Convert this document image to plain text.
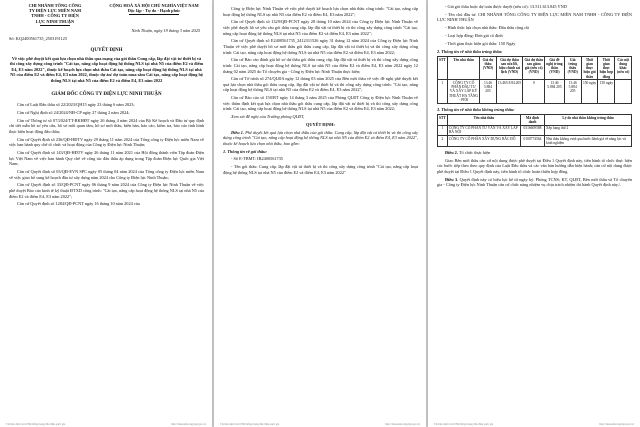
CHI NHÁNH TỔNG CÔNG
TY ĐIỆN LỰC MIỀN NAM
TNHH - CÔNG TY ĐIỆN
LỰC NINH THUẬN
CỘNG HOÀ XÃ HỘI CHỦ NGHĨA VIỆT NAM
Độc lập - Tự do - Hạnh phúc
Ninh Thuận, ngày 19 tháng 3 năm 2025

Số: KQ2400561735_2503191125

QUYẾT ĐỊNH
Về việc phê duyệt kết quả lựa chọn nhà thầu qua mạng của gói thầu Cung cấp, lắp đặt vật tư thiết bị và thi công xây dựng công trình "Cải tạo, nâng cấp hoạt động hệ thống NLS tại nhà N5 của điểm E2 và điểm E4, E3 năm 2022", thuộc kế hoạch lựa chọn nhà thầu Cải tạo, nâng cấp hoạt động hệ thống NLS tại nhà N5 của điểm E2 và điểm E4, E3 năm 2022, thuộc dự án/ dự toán mua sắm Cải tạo, nâng cấp hoạt động hệ thống NLS tại nhà N5 của điểm E2 và điểm E4, E3 năm 2022
GIÁM ĐỐC CÔNG TY ĐIỆN LỰC NINH THUẬN

Căn cứ Luật Đấu thầu số 22/2023/QH15 ngày 23 tháng 6 năm 2023;

Căn cứ Nghị định số 24/2024/NĐ-CP ngày 27 tháng 2 năm 2024;

Căn cứ Thông tư số 07/2024/TT-BKHĐT ngày 26 tháng 4 năm 2024 của Bộ Kế hoạch và Đầu tư quy định chi tiết mẫu hồ sơ yêu cầu, hồ sơ mời quan tâm, hồ sơ mời thầu, biên bản, báo cáo, kiểm tra, báo cáo tình hình thực hiện hoạt động đấu thầu;

Căn cứ Quyết định số 236/QĐ-HĐTV ngày 29 tháng 11 năm 2024 của Tổng công ty Điện lực miền Nam về việc ban hành quy chế tổ chức và hoạt động của Công ty Điện lực Ninh Thuận;

Căn cứ Quyết định số 143/QĐ-HĐTV ngày 26 tháng 11 năm 2021 của Hội đồng thành viên Tập đoàn Điện lực Việt Nam về việc ban hành Quy chế về công tác đấu thầu áp dụng trong Tập đoàn Điện lực Quốc gia Việt Nam;

Căn cứ Quyết định số 03/QĐ-EVN SPC ngày 05 tháng 04 năm 2024 của Tổng công ty Điện lực miền Nam về việc giao bổ sung kế hoạch đầu tư xây dựng năm 2024 cho Công ty Điện lực Ninh Thuận;

Căn cứ Quyết định số 33/QĐ-PCNT ngày 06 tháng 9 năm 2024 của Công ty Điện lực Ninh Thuận về việc phê duyệt Báo cáo kinh tế kỹ thuật ĐTXD công trình: "Cải tạo, nâng cấp hoạt động hệ thống NLS tại nhà N5 của điểm E2 và điểm E4, E3 năm 2022";

Căn cứ Quyết định số 1284/QĐ-PCNT ngày 16 tháng 10 năm 2024 của

Tài liệu được in từ Hệ thống mạng đấu thầu quốc gia	http://muasamcong.mpi.gov.vn

Công ty Điện lực Ninh Thuận về việc phê duyệt kế hoạch lựa chọn nhà thầu công trình: "Cải tạo, nâng cấp hoạt động hệ thống NLS tại nhà N5 của điểm E2 và điểm E4, E3 năm 2022";

Căn cứ Quyết định số 1329/QĐ-PCNT ngày 28 tháng 10 năm 2024 của Công ty Điện lực Ninh Thuận về việc phê duyệt hồ sơ yêu cầu gói thầu cung cấp, lắp đặt vật tư thiết bị và thi công xây dựng công trình "Cải tạo, nâng cấp hoạt động hệ thống NLS tại nhà N5 của điểm E2 và điểm E4, E3 năm 2022";

Căn cứ Quyết định số E2400561735_2412311526 ngày 31 tháng 12 năm 2024 của Công ty Điện lực Ninh Thuận về việc phê duyệt hồ sơ mời thầu gói thầu cung cấp, lắp đặt vật tư thiết bị và thi công xây dựng công trình: Cải tạo, nâng cấp hoạt động hệ thống NLS tại nhà N5 của điểm E2 và điểm E4, E3 năm 2022;

Căn cứ Báo cáo đánh giá hồ sơ dự thầu gói thầu cung cấp, lắp đặt vật tư thiết bị và thi công xây dựng công trình: Cải tạo, nâng cấp hoạt động hệ thống NLS tại nhà N5 của điểm E2 và điểm E4, E3 năm 2022 ngày 12 tháng 02 năm 2025 do Tổ chuyên gia - Công ty Điện lực Ninh Thuận thực hiện;

Căn cứ Tờ trình số 274/QLĐA ngày 12 tháng 03 năm 2025 của Bên mời thầu về việc đề nghị phê duyệt kết quả lựa chọn nhà thầu gói thầu cung cấp, lắp đặt vật tư thiết bị và thi công xây dựng công trình: "Cải tạo, nâng cấp hoạt động hệ thống NLS tại nhà N5 của điểm E2 và điểm E4, E3 năm 2022";

Căn cứ Báo cáo số 150/BT ngày 14 tháng 3 năm 2025 của Phòng QLĐT Công ty Điện lực Ninh Thuận về việc thẩm định kết quả lựa chọn nhà thầu gói thầu cung cấp, lắp đặt vật tư thiết bị và thi công xây dựng công trình: Cải tạo, nâng cấp hoạt động hệ thống NLS tại nhà N5 của điểm E2 và điểm E4, E3 năm 2022;

Xem xét đề nghị của Trưởng phòng QLĐT,

QUYẾT ĐỊNH:

Điều 1. Phê duyệt kết quả lựa chọn nhà thầu của gói thầu: Cung cấp, lắp đặt vật tư thiết bị và thi công xây dựng công trình "Cải tạo, nâng cấp hoạt động hệ thống NLS tại nhà N5 của điểm E2 và điểm E4, E3 năm 2022", thuộc kế hoạch lựa chọn nhà thầu, bao gồm:

1. Thông tin về gói thầu:

- Số E-TBMT: IB2400561735

- Tên gói thầu: Cung cấp, lắp đặt vật tư thiết bị và thi công xây dựng công trình "Cải tạo, nâng cấp hoạt động hệ thống NLS tại nhà N5 của điểm E2 và điểm E4, E3 năm 2022"

Tài liệu được in từ Hệ thống mạng đấu thầu quốc gia	http://muasamcong.mpi.gov.vn

- Giá gói thầu hoặc dự toán được duyệt (nếu có): 13.511.613.845 VND

- Tên chủ đầu tư: CHI NHÁNH TỔNG CÔNG TY ĐIỆN LỰC MIỀN NAM TNHH - CÔNG TY ĐIỆN LỰC NINH THUẬN

- Hình thức lựa chọn nhà thầu: Đấu thầu rộng rãi

- Loại hợp đồng: Đơn giá cố định

- Thời gian thực hiện gói thầu: 150 Ngày

2. Thông tin về nhà thầu trúng thầu:

STT	Tên nhà thầu	Giá dự thầu (VND)	Giá dự thầu sau sửa lỗi, hiệu chỉnh sai lệch (VND)	Giá dự thầu sau giảm giá (nếu có) (VND)	Giá đề nghị trúng thầu (VND)	Giá trúng thầu (VND)	Thời gian thực hiện gói thầu	Thời gian thực hiện hợp đồng	Các nội dung khác (nếu có)
1	CÔNG TY CỔ PHẦN ĐẦU TƯ VÀ XÂY LẮP KỸ THUẬT HẠ TẦNG - PEB	13.46 5.884 205	13.465.8 84.205	0	13.46 5.884 205	13.46 5.884 205	150 ngày	150 ngày	

3. Thông tin về nhà thầu không trúng thầu:

STT	Tên nhà thầu	Mã định danh	Lý do nhà thầu không trúng thầu
1	CÔNG TY CỔ PHẦN TƯ VẤN VÀ XÂY LẮP HÀ NỘI	0316609588	Xếp hạng thứ 2
2	CÔNG TY CỔ PHẦN XÂY DỰNG BẮC ĐỒ	0100774564	Nhà thầu không vượt qua bước đánh giá về năng lực và kinh nghiệm

Điều 2. Tổ chức thực hiện

Giao Bên mời thầu căn cứ nội dung được phê duyệt tại Điều 1 Quyết định này, tiến hành tổ chức thực hiện các bước tiếp theo theo quy định của Luật Đấu thầu và các văn bản hướng dẫn hiện hành; căn cứ nội dung được phê duyệt tại Điều 1 Quyết định này, tiến hành tổ chức hoàn thiện hợp đồng.

Điều 3. Quyết định này có hiệu lực kể từ ngày ký. Phòng TCNS; KT, QLĐT, Bên mời thầu và Tổ chuyên gia - Công ty Điện lực Ninh Thuận căn cứ chức năng nhiệm vụ chịu trách nhiệm thi hành Quyết định này./.

Tài liệu được in từ Hệ thống mạng đấu thầu quốc gia	http://muasamcong.mpi.gov.vn
